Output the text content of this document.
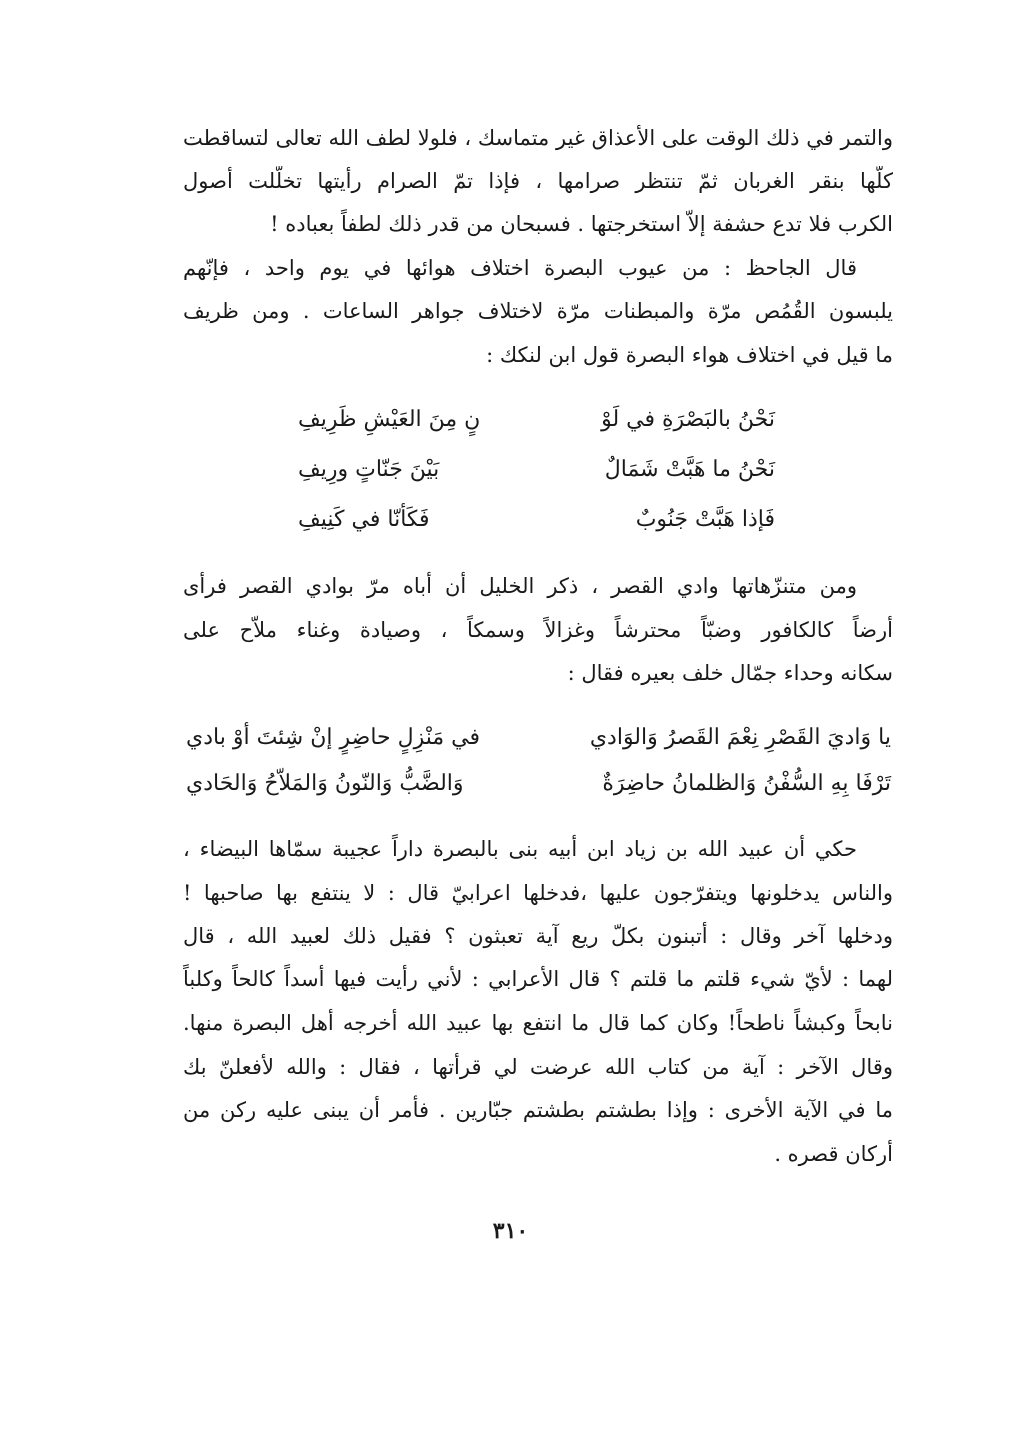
والتمر في ذلك الوقت على الأعذاق غير متماسك ، فلولا لطف الله تعالى لتساقطت
كلّها بنقر الغربان ثمّ تنتظر صرامها ، فإذا تمّ الصرام رأيتها تخلّلت أصول
الكرب فلا تدع حشفة إلاّ استخرجتها . فسبحان من قدر ذلك لطفاً بعباده !
قال الجاحظ : من عيوب البصرة اختلاف هوائها في يوم واحد ، فإنّهم
يلبسون القُمُص مرّة والمبطنات مرّة لاختلاف جواهر الساعات . ومن ظريف
ما قيل في اختلاف هواء البصرة قول ابن لنكك :
نَحْنُ بالبَصْرَةِ في لَوْ
نٍ مِنَ العَيْشِ ظَرِيفِ
نَحْنُ ما هَبَّتْ شَمَالٌ
بَيْنَ جَنّاتٍ ورِيفِ
فَإذا هَبَّتْ جَنُوبٌ
فَكَأنّا في كَنِيفِ
ومن متنزّهاتها وادي القصر ، ذكر الخليل أن أباه مرّ بوادي القصر فرأى
أرضاً كالكافور وضبّاً محترشاً وغزالاً وسمكاً ، وصيادة وغناء ملاّح على
سكانه وحداء جمّال خلف بعيره فقال :
يا وَاديَ القَصْرِ نِعْمَ القَصرُ وَالوَادي
في مَنْزِلٍ حاضِرٍ إنْ شِئتَ أوْ بادي
تَرْفَا بِهِ السُّفْنُ وَالظلمانُ حاضِرَةٌ
وَالضَّبُّ وَالنّونُ وَالمَلاّحُ وَالحَادي
حكي أن عبيد الله بن زياد ابن أبيه بنى بالبصرة داراً عجيبة سمّاها البيضاء ،
والناس يدخلونها ويتفرّجون عليها ،فدخلها اعرابيّ قال : لا ينتفع بها صاحبها !
ودخلها آخر وقال : أتبنون بكلّ ريع آية تعبثون ؟ فقيل ذلك لعبيد الله ، قال
لهما : لأيّ شيء قلتم ما قلتم ؟ قال الأعرابي : لأني رأيت فيها أسداً كالحاً وكلباً
نابحاً وكبشاً ناطحاً! وكان كما قال ما انتفع بها عبيد الله أخرجه أهل البصرة منها.
وقال الآخر : آية من كتاب الله عرضت لي قرأتها ، فقال : والله لأفعلنّ بك
ما في الآية الأخرى : وإذا بطشتم بطشتم جبّارين . فأمر أن يبنى عليه ركن من
أركان قصره .
٣١٠
